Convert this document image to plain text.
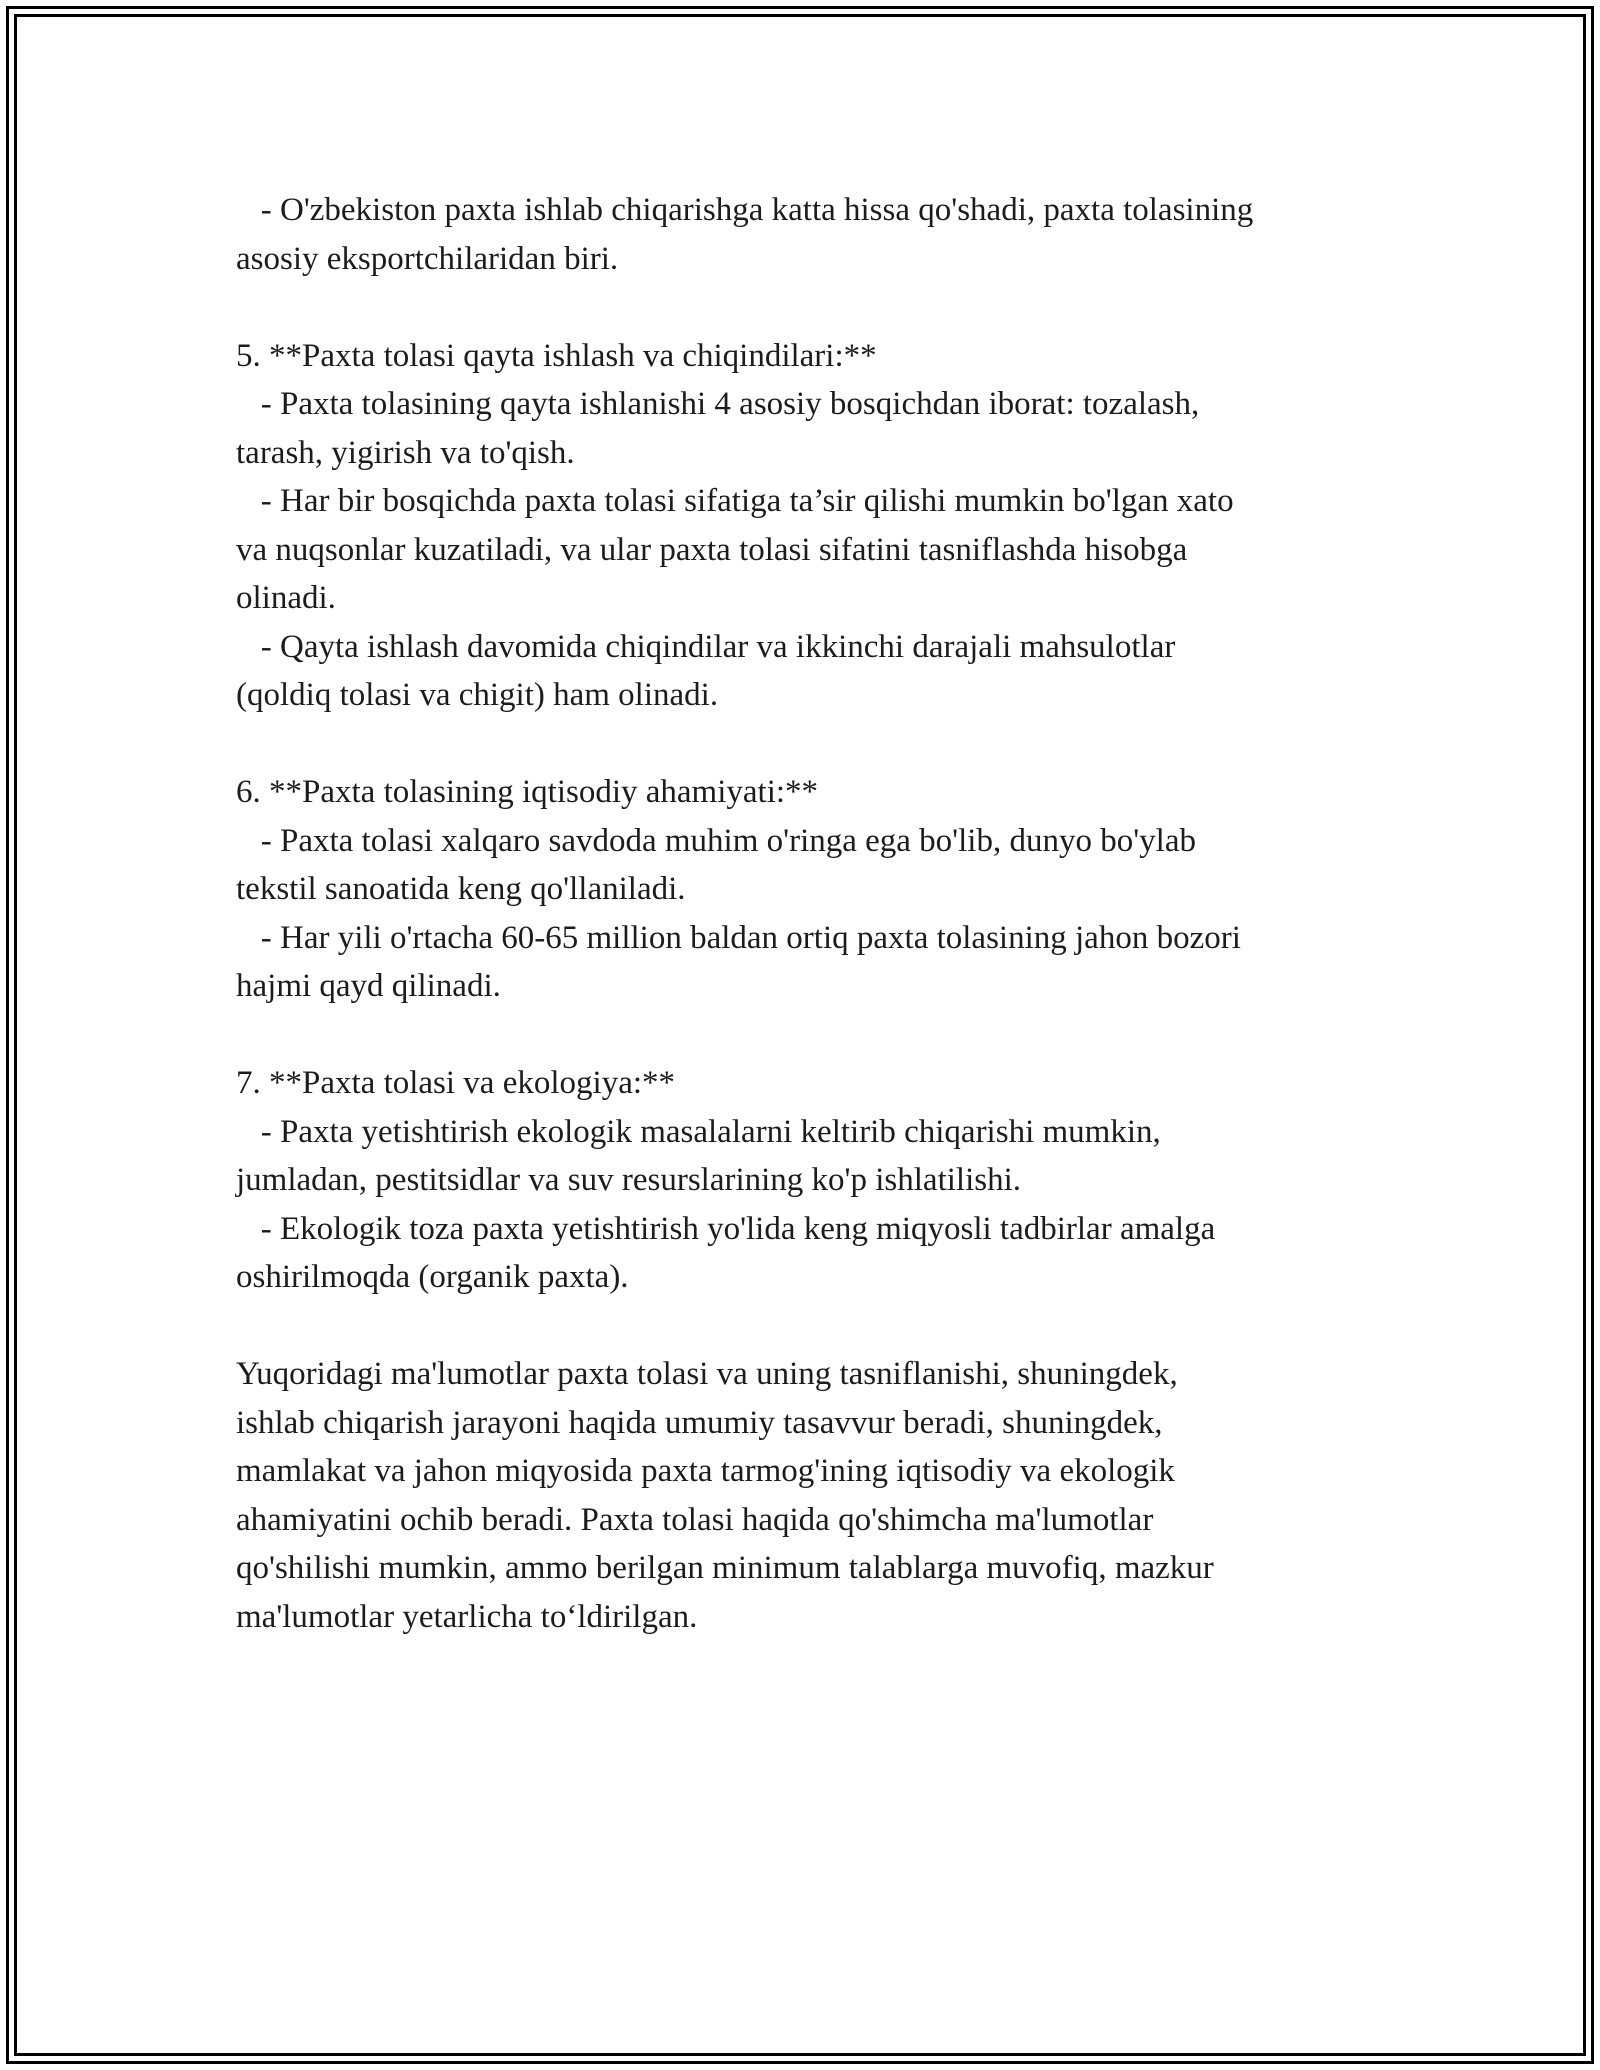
- O'zbekiston paxta ishlab chiqarishga katta hissa qo'shadi, paxta tolasining
asosiy eksportchilaridan biri.
5. **Paxta tolasi qayta ishlash va chiqindilari:**
- Paxta tolasining qayta ishlanishi 4 asosiy bosqichdan iborat: tozalash,
tarash, yigirish va to'qish.
- Har bir bosqichda paxta tolasi sifatiga ta’sir qilishi mumkin bo'lgan xato
va nuqsonlar kuzatiladi, va ular paxta tolasi sifatini tasniflashda hisobga
olinadi.
- Qayta ishlash davomida chiqindilar va ikkinchi darajali mahsulotlar
(qoldiq tolasi va chigit) ham olinadi.
6. **Paxta tolasining iqtisodiy ahamiyati:**
- Paxta tolasi xalqaro savdoda muhim o'ringa ega bo'lib, dunyo bo'ylab
tekstil sanoatida keng qo'llaniladi.
- Har yili o'rtacha 60-65 million baldan ortiq paxta tolasining jahon bozori
hajmi qayd qilinadi.
7. **Paxta tolasi va ekologiya:**
- Paxta yetishtirish ekologik masalalarni keltirib chiqarishi mumkin,
jumladan, pestitsidlar va suv resurslarining ko'p ishlatilishi.
- Ekologik toza paxta yetishtirish yo'lida keng miqyosli tadbirlar amalga
oshirilmoqda (organik paxta).
Yuqoridagi ma'lumotlar paxta tolasi va uning tasniflanishi, shuningdek,
ishlab chiqarish jarayoni haqida umumiy tasavvur beradi, shuningdek,
mamlakat va jahon miqyosida paxta tarmog'ining iqtisodiy va ekologik
ahamiyatini ochib beradi. Paxta tolasi haqida qo'shimcha ma'lumotlar
qo'shilishi mumkin, ammo berilgan minimum talablarga muvofiq, mazkur
ma'lumotlar yetarlicha to‘ldirilgan.
